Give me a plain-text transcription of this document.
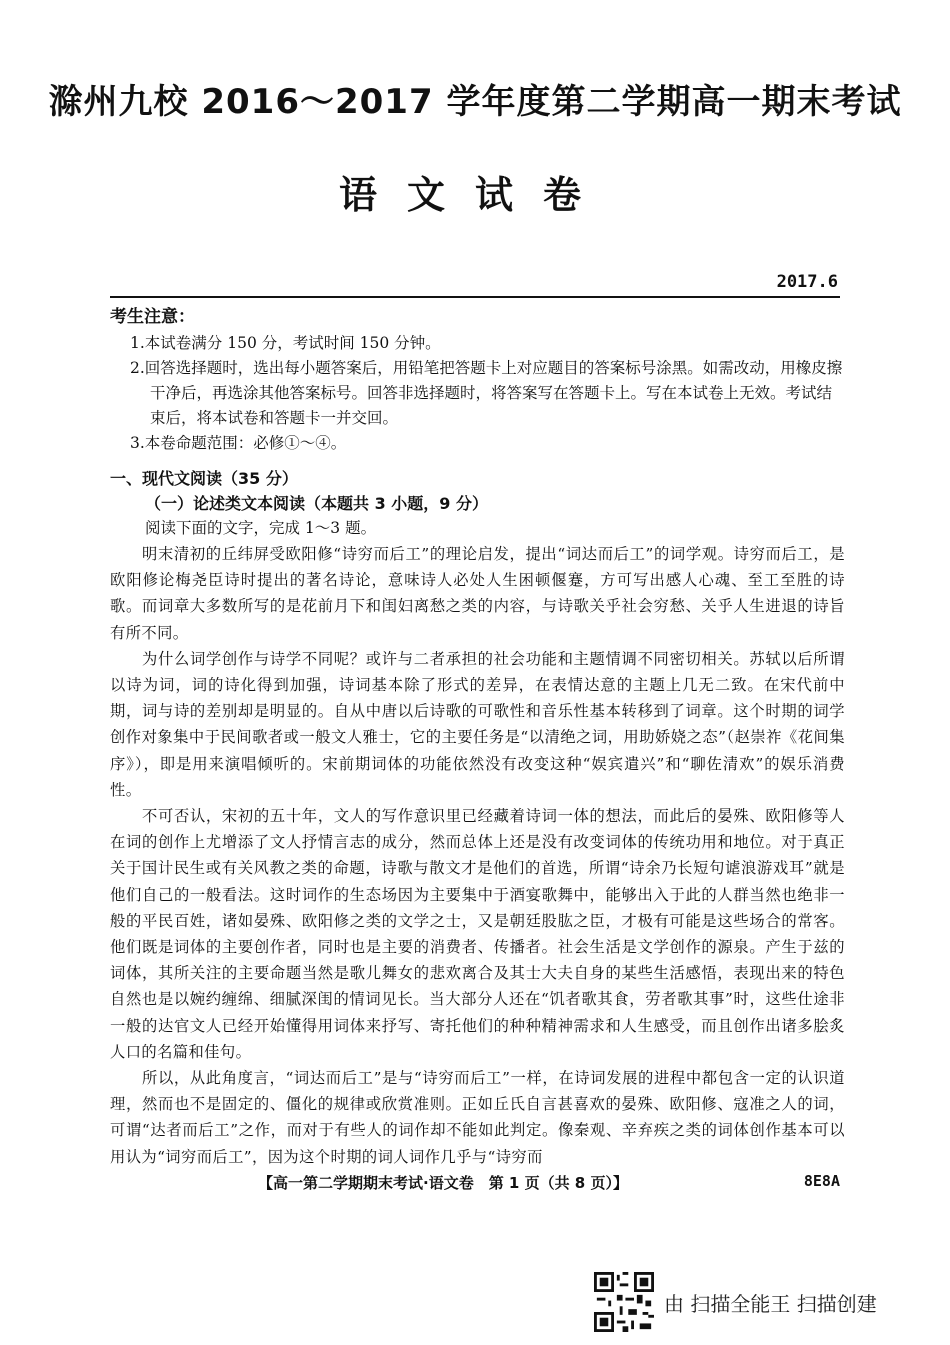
滁州九校 2016～2017 学年度第二学期高一期末考试
语文试卷
2017.6
考生注意：
1.本试卷满分 150 分，考试时间 150 分钟。
2.回答选择题时，选出每小题答案后，用铅笔把答题卡上对应题目的答案标号涂黑。如需改动，用橡皮擦干净后，再选涂其他答案标号。回答非选择题时，将答案写在答题卡上。写在本试卷上无效。考试结束后，将本试卷和答题卡一并交回。
3.本卷命题范围：必修①～④。
一、现代文阅读（35 分）
（一）论述类文本阅读（本题共 3 小题，9 分）
阅读下面的文字，完成 1～3 题。

明末清初的丘纬屏受欧阳修“诗穷而后工”的理论启发，提出“词达而后工”的词学观。诗穷而后工，是欧阳修论梅尧臣诗时提出的著名诗论，意味诗人必处人生困顿偃蹇，方可写出感人心魂、至工至胜的诗歌。而词章大多数所写的是花前月下和闺妇离愁之类的内容，与诗歌关乎社会穷愁、关乎人生进退的诗旨有所不同。

为什么词学创作与诗学不同呢？或许与二者承担的社会功能和主题情调不同密切相关。苏轼以后所谓以诗为词，词的诗化得到加强，诗词基本除了形式的差异，在表情达意的主题上几无二致。在宋代前中期，词与诗的差别却是明显的。自从中唐以后诗歌的可歌性和音乐性基本转移到了词章。这个时期的词学创作对象集中于民间歌者或一般文人雅士，它的主要任务是“以清绝之词，用助娇娆之态”（赵崇祚《花间集序》），即是用来演唱倾听的。宋前期词体的功能依然没有改变这种“娱宾遣兴”和“聊佐清欢”的娱乐消费性。

不可否认，宋初的五十年，文人的写作意识里已经藏着诗词一体的想法，而此后的晏殊、欧阳修等人在词的创作上尤增添了文人抒情言志的成分，然而总体上还是没有改变词体的传统功用和地位。对于真正关于国计民生或有关风教之类的命题，诗歌与散文才是他们的首选，所谓“诗余乃长短句谑浪游戏耳”就是他们自己的一般看法。这时词作的生态场因为主要集中于酒宴歌舞中，能够出入于此的人群当然也绝非一般的平民百姓，诸如晏殊、欧阳修之类的文学之士，又是朝廷股肱之臣，才极有可能是这些场合的常客。他们既是词体的主要创作者，同时也是主要的消费者、传播者。社会生活是文学创作的源泉。产生于兹的词体，其所关注的主要命题当然是歌儿舞女的悲欢离合及其士大夫自身的某些生活感悟，表现出来的特色自然也是以婉约缠绵、细腻深闺的情词见长。当大部分人还在“饥者歌其食，劳者歌其事”时，这些仕途非一般的达官文人已经开始懂得用词体来抒写、寄托他们的种种精神需求和人生感受，而且创作出诸多脍炙人口的名篇和佳句。

所以，从此角度言，“词达而后工”是与“诗穷而后工”一样，在诗词发展的进程中都包含一定的认识道理，然而也不是固定的、僵化的规律或欣赏准则。正如丘氏自言甚喜欢的晏殊、欧阳修、寇准之人的词，可谓“达者而后工”之作，而对于有些人的词作却不能如此判定。像秦观、辛弃疾之类的词体创作基本可以用认为“词穷而后工”，因为这个时期的词人词作几乎与“诗穷而

【高一第二学期期末考试·语文卷　第 1 页（共 8 页）】	8E8A
由 扫描全能王 扫描创建
